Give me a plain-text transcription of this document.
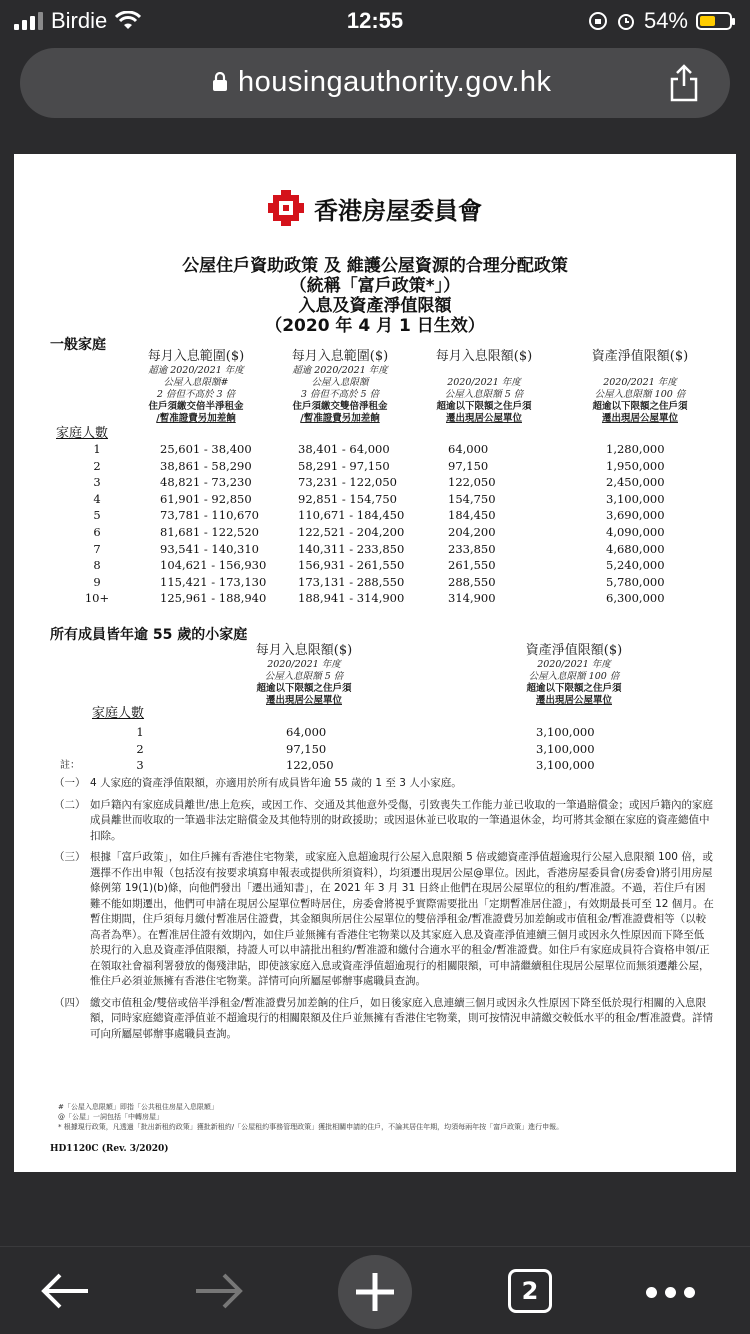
Birdie	12:55	54%
housingauthority.gov.hk
香港房屋委員會
公屋住戶資助政策 及 維護公屋資源的合理分配政策
（統稱「富戶政策*」）
入息及資產淨值限額
（2020 年 4 月 1 日生效）
一般家庭
每月入息範圍($)
超逾 2020/2021 年度
公屋入息限額#
2 倍但不高於 3 倍
住戶須繳交倍半淨租金
/暫准證費另加差餉
每月入息範圍($)
超逾 2020/2021 年度
公屋入息限額
3 倍但不高於 5 倍
住戶須繳交雙倍淨租金
/暫准證費另加差餉
每月入息限額($)
2020/2021 年度
公屋入息限額 5 倍
超逾以下限額之住戶須
遷出現居公屋單位
資產淨值限額($)
2020/2021 年度
公屋入息限額 100 倍
超逾以下限額之住戶須
遷出現居公屋單位
家庭人數
所有成員皆年逾 55 歲的小家庭
每月入息限額($)
2020/2021 年度
公屋入息限額 5 倍
超逾以下限額之住戶須
遷出現居公屋單位
資產淨值限額($)
2020/2021 年度
公屋入息限額 100 倍
超逾以下限額之住戶須
遷出現居公屋單位
家庭人數
註：
（一） 4 人家庭的資產淨值限額，亦適用於所有成員皆年逾 55 歲的 1 至 3 人小家庭。
（二） 如戶籍內有家庭成員離世/患上危疾，或因工作、交通及其他意外受傷，引致喪失工作能力並已收取的一筆過賠償金；或因戶籍內的家庭成員離世而收取的一筆過非法定賠償金及其他特別的財政援助；或因退休並已收取的一筆過退休金，均可將其金額在家庭的資產總值中扣除。
（三） 根據「富戶政策」，如住戶擁有香港住宅物業，或家庭入息超逾現行公屋入息限額 5 倍或總資產淨值超逾現行公屋入息限額 100 倍，或選擇不作出申報（包括沒有按要求填寫申報表或提供所須資料），均須遷出現居公屋@單位。因此，香港房屋委員會(房委會)將引用房屋條例第 19(1)(b)條，向他們發出「遷出通知書」，在 2021 年 3 月 31 日終止他們在現居公屋單位的租約/暫准證。不過，若住戶有困難不能如期遷出，他們可申請在現居公屋單位暫時居住，房委會將視乎實際需要批出「定期暫准居住證」，有效期最長可至 12 個月。在暫住期間，住戶須每月繳付暫准居住證費，其金額與所居住公屋單位的雙倍淨租金/暫准證費另加差餉或市值租金/暫准證費相等（以較高者為準）。在暫准居住證有效期內，如住戶並無擁有香港住宅物業以及其家庭入息及資產淨值連續三個月或因永久性原因而下降至低於現行的入息及資產淨值限額，持證人可以申請批出租約/暫准證和繳付合適水平的租金/暫准證費。如住戶有家庭成員符合資格申領/正在領取社會福利署發放的傷殘津貼，即使該家庭入息或資產淨值超逾現行的相關限額，可申請繼續租住現居公屋單位而無須遷離公屋，惟住戶必須並無擁有香港住宅物業。詳情可向所屬屋邨辦事處職員查詢。
（四） 繳交市值租金/雙倍或倍半淨租金/暫准證費另加差餉的住戶，如日後家庭入息連續三個月或因永久性原因下降至低於現行相關的入息限額，同時家庭總資產淨值並不超逾現行的相關限額及住戶並無擁有香港住宅物業，則可按情況申請繳交較低水平的租金/暫准證費。詳情可向所屬屋邨辦事處職員查詢。
#「公屋入息限額」即指「公共租住房屋入息限額」
@「公屋」一詞包括「中轉房屋」
* 根據現行政策，凡透過「批出新租約政策」獲批新租約/「公屋租約事務管理政策」獲批相關申請的住戶，不論其居住年期，均須每兩年按「富戶政策」進行申報。
HD1120C (Rev. 3/2020)
1	25,601 - 38,400	38,401 - 64,000	64,000	1,280,000
2	38,861 - 58,290	58,291 - 97,150	97,150	1,950,000
3	48,821 - 73,230	73,231 - 122,050	122,050	2,450,000
4	61,901 - 92,850	92,851 - 154,750	154,750	3,100,000
5	73,781 - 110,670	110,671 - 184,450	184,450	3,690,000
6	81,681 - 122,520	122,521 - 204,200	204,200	4,090,000
7	93,541 - 140,310	140,311 - 233,850	233,850	4,680,000
8	104,621 - 156,930	156,931 - 261,550	261,550	5,240,000
9	115,421 - 173,130	173,131 - 288,550	288,550	5,780,000
10+	125,961 - 188,940	188,941 - 314,900	314,900	6,300,000
1	64,000	3,100,000
2	97,150	3,100,000
3	122,050	3,100,000
2
